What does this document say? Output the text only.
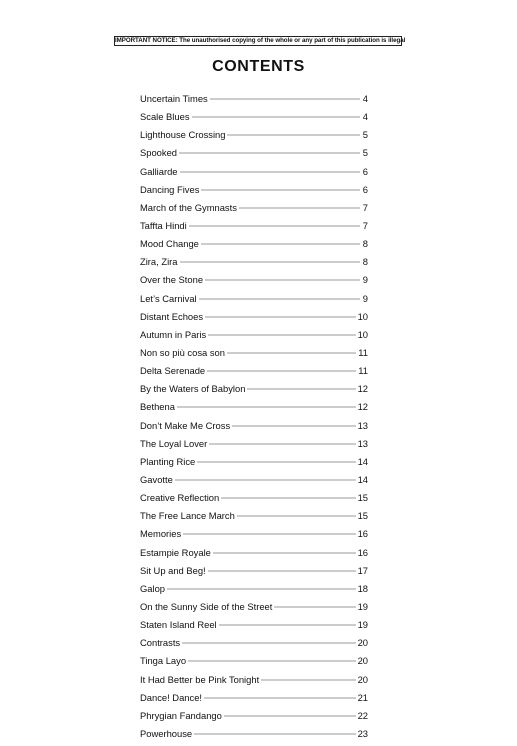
IMPORTANT NOTICE: The unauthorised copying of the whole or any part of this publication is illegal
CONTENTS
Uncertain Times	4
Scale Blues	4
Lighthouse Crossing	5
Spooked	5
Galliarde	6
Dancing Fives	6
March of the Gymnasts	7
Taffta Hindi	7
Mood Change	8
Zira, Zira	8
Over the Stone	9
Let’s Carnival	9
Distant Echoes	10
Autumn in Paris	10
Non so più cosa son	11
Delta Serenade	11
By the Waters of Babylon	12
Bethena	12
Don’t Make Me Cross	13
The Loyal Lover	13
Planting Rice	14
Gavotte	14
Creative Reflection	15
The Free Lance March	15
Memories	16
Estampie Royale	16
Sit Up and Beg!	17
Galop	18
On the Sunny Side of the Street	19
Staten Island Reel	19
Contrasts	20
Tinga Layo	20
It Had Better be Pink Tonight	20
Dance! Dance!	21
Phrygian Fandango	22
Powerhouse	23
